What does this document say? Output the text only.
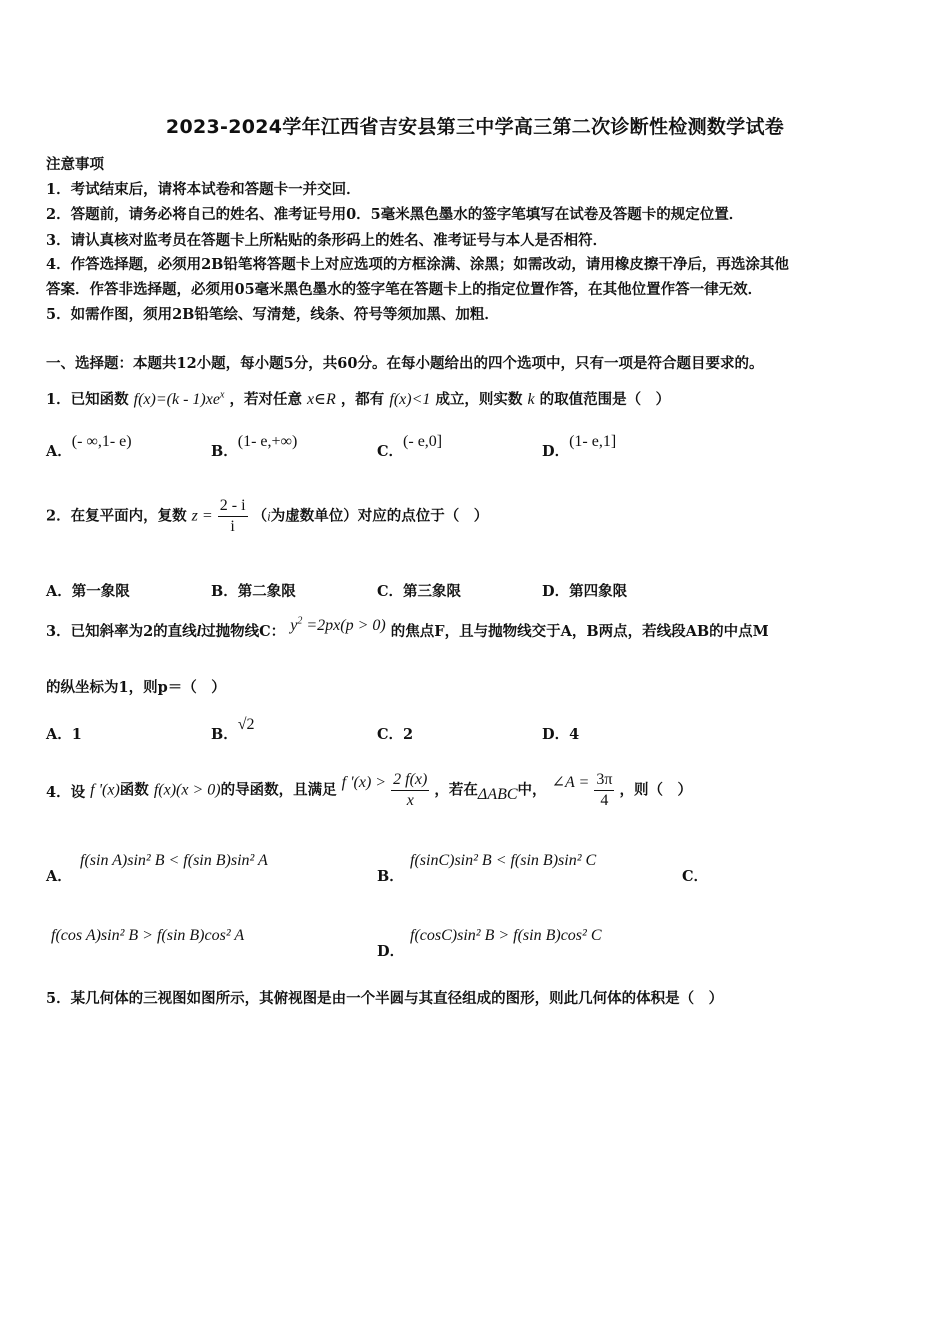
2023-2024学年江西省吉安县第三中学高三第二次诊断性检测数学试卷
注意事项
1．考试结束后，请将本试卷和答题卡一并交回．
2．答题前，请务必将自己的姓名、准考证号用0．5毫米黑色墨水的签字笔填写在试卷及答题卡的规定位置．
3．请认真核对监考员在答题卡上所粘贴的条形码上的姓名、准考证号与本人是否相符．
4．作答选择题，必须用2B铅笔将答题卡上对应选项的方框涂满、涂黑；如需改动，请用橡皮擦干净后，再选涂其他
答案．作答非选择题，必须用05毫米黑色墨水的签字笔在答题卡上的指定位置作答，在其他位置作答一律无效．
5．如需作图，须用2B铅笔绘、写清楚，线条、符号等须加黑、加粗．
一、选择题：本题共12小题，每小题5分，共60分。在每小题给出的四个选项中，只有一项是符合题目要求的。
1．已知函数 $f(x)=(k - 1)xe^x$ ，若对任意 x∈R ，都有 f(x)<1 成立，则实数 k 的取值范围是（　）
A．(- ∞,1- e)
B．(1- e,+∞)
C．(- e,0]
D．(1- e,1]
2．在复平面内，复数 $z = \frac{2 - i}{i} (i$为虚数单位）对应的点位于（　）
A．第一象限	B．第二象限	C．第三象限	D．第四象限
3．已知斜率为2的直线l过抛物线C： $y^2 =2px(p > 0)$ 的焦点F，且与抛物线交于A，B两点，若线段AB的中点M
的纵坐标为1，则p＝（　）
A．1	B．√2
C．2	D．4
4．设 f '(x)函数 f(x)(x > 0)的导函数，且满足 f '$(x) > \frac{2 f(x)}{x}$ ，若在ΔABC中， ∠A = $\frac{3\pi}{4}$ ，则（　）
A．
f(sin A)sin² B < f(sin B)sin² A
B．
f(sinC)sin² B < f(sin B)sin² C
C．
f(cos A)sin² B > f(sin B)cos² A
D．
f(cosC)sin² B > f(sin B)cos² C
5．某几何体的三视图如图所示，其俯视图是由一个半圆与其直径组成的图形，则此几何体的体积是（　）
